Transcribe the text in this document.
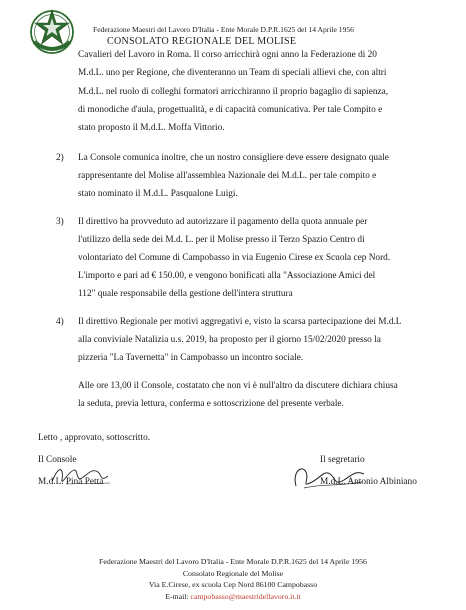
Federazione Maestri del Lavoro D'Italia - Ente Morale D.P.R.1625 del 14 Aprile 1956
CONSOLATO REGIONALE DEL MOLISE
Cavalieri del Lavoro in Roma. Il corso arricchirà ogni anno la Federazione di 20
M.d.L. uno per Regione, che diventeranno un Team di speciali allievi che, con altri
M.d.L. nel ruolo di colleghi formatori arricchiranno il proprio bagaglio di sapienza,
di monodiche d'aula, progettualità, e di capacità comunicativa. Per tale Compito e
stato proposto il M.d.L. Moffa Vittorio.
2) La Console comunica inoltre, che un nostro consigliere deve essere designato quale
rappresentante del Molise all'assemblea Nazionale dei M.d.L. per tale compito e
stato nominato il M.d.L. Pasqualone Luigi.
3) Il direttivo ha provveduto ad autorizzare il pagamento della quota annuale per
l'utilizzo della sede dei M.d. L. per il Molise presso il Terzo Spazio Centro di
volontariato del Comune di Campobasso in via Eugenio Cirese ex Scuola cep Nord.
L'importo e pari ad € 150.00, e vengono bonificati alla "Associazione Amici del
112" quale responsabile della gestione dell'intera struttura
4) Il direttivo Regionale per motivi aggregativi e, visto la scarsa partecipazione dei M.d.L
alla conviviale Natalizia u.s. 2019, ha proposto per il giorno 15/02/2020 presso la
pizzeria "La Tavernetta" in Campobasso un incontro sociale.
Alle ore 13,00 il Console, costatato che non vi è null'altro da discutere dichiara chiusa
la seduta, previa lettura, conferma e sottoscrizione del presente verbale.
Letto , approvato, sottoscritto.
Il Console
M.d.L. Pina Petta
Il segretario
M.d.L. Antonio Albiniano
Federazione Maestri del Lavoro D'Italia - Ente Morale D.P.R.1625 del 14 Aprile 1956
Consolato Regionale del Molise
Via E.Cirese, ex scuola Cep Nord 86100 Campobasso
E-mail: campobasso@maestridellavoro.it.it
